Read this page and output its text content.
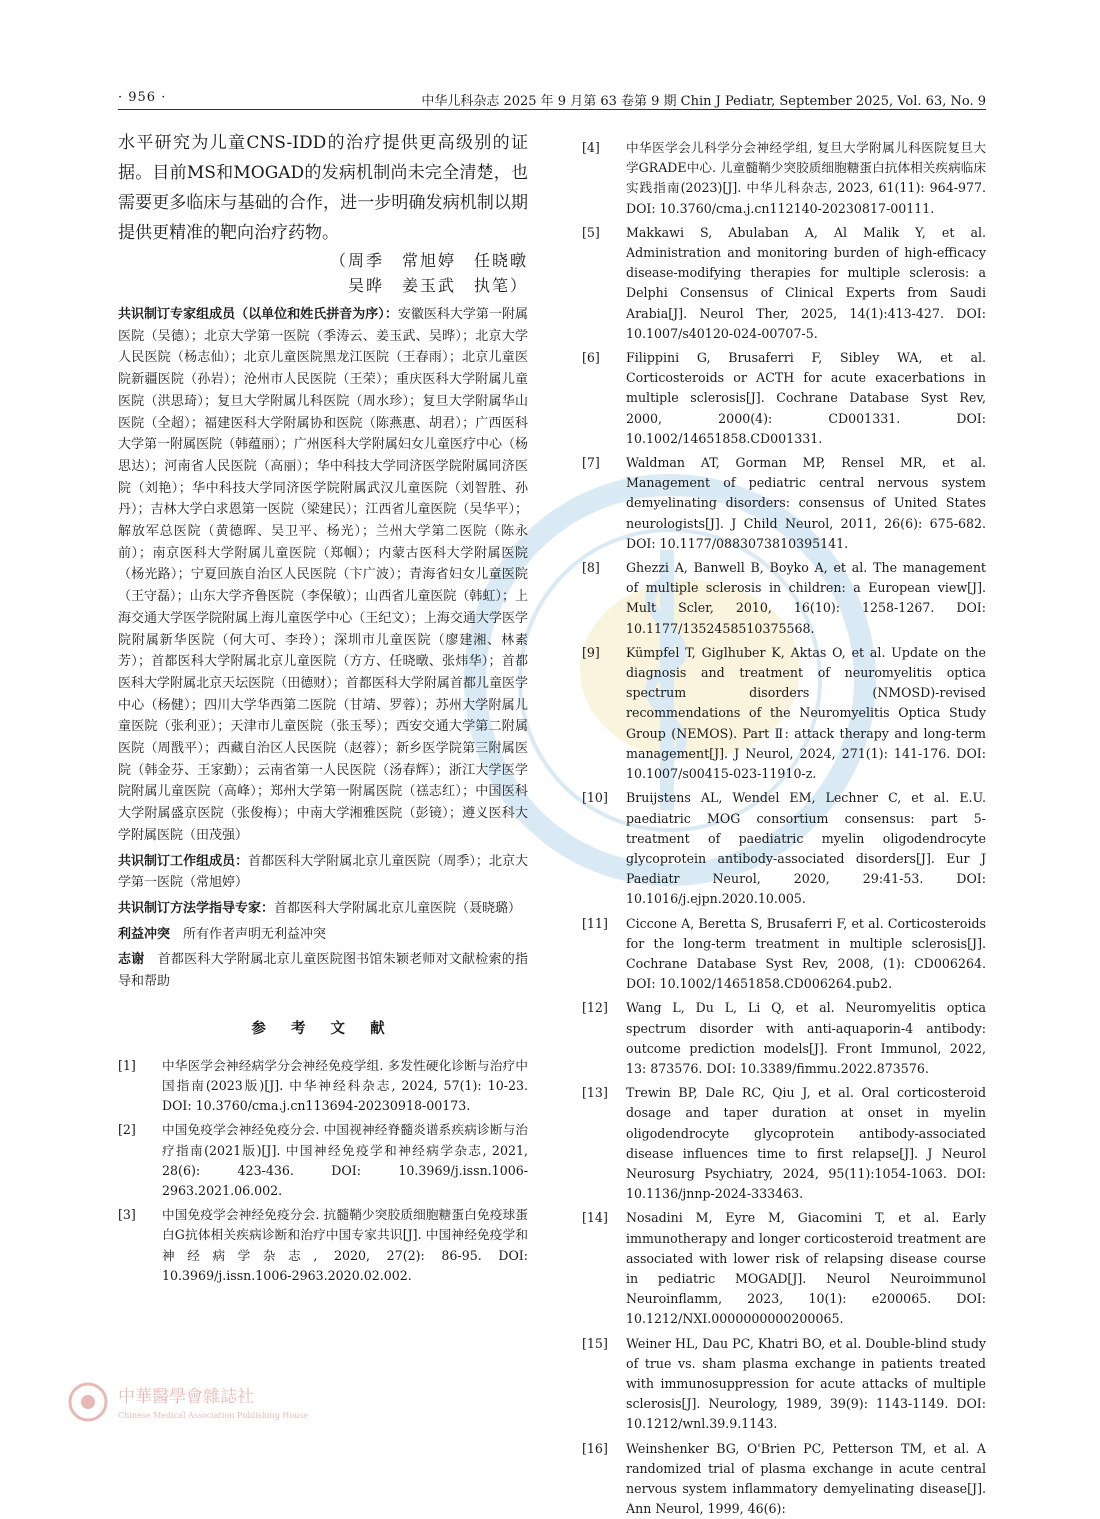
· 956 ·	中华儿科杂志 2025 年 9 月第 63 卷第 9 期 Chin J Pediatr, September 2025, Vol. 63, No. 9

水平研究为儿童CNS-IDD的治疗提供更高级别的证据。目前MS和MOGAD的发病机制尚未完全清楚，也需要更多临床与基础的合作，进一步明确发病机制以期提供更精准的靶向治疗药物。

（周季　常旭婷　任晓暾

吴晔　姜玉武　执笔）

共识制订专家组成员（以单位和姓氏拼音为序）：安徽医科大学第一附属医院（吴德）；北京大学第一医院（季涛云、姜玉武、吴晔）；北京大学人民医院（杨志仙）；北京儿童医院黑龙江医院（王春雨）；北京儿童医院新疆医院（孙岩）；沧州市人民医院（王荣）；重庆医科大学附属儿童医院（洪思琦）；复旦大学附属儿科医院（周水珍）；复旦大学附属华山医院（全超）；福建医科大学附属协和医院（陈燕惠、胡君）；广西医科大学第一附属医院（韩蕴丽）；广州医科大学附属妇女儿童医疗中心（杨思达）；河南省人民医院（高丽）；华中科技大学同济医学院附属同济医院（刘艳）；华中科技大学同济医学院附属武汉儿童医院（刘智胜、孙丹）；吉林大学白求恩第一医院（梁建民）；江西省儿童医院（吴华平）；解放军总医院（黄德晖、吴卫平、杨光）；兰州大学第二医院（陈永前）；南京医科大学附属儿童医院（郑帼）；内蒙古医科大学附属医院（杨光路）；宁夏回族自治区人民医院（卞广波）；青海省妇女儿童医院（王守磊）；山东大学齐鲁医院（李保敏）；山西省儿童医院（韩虹）；上海交通大学医学院附属上海儿童医学中心（王纪文）；上海交通大学医学院附属新华医院（何大可、李玲）；深圳市儿童医院（廖建湘、林素芳）；首都医科大学附属北京儿童医院（方方、任晓暾、张炜华）；首都医科大学附属北京天坛医院（田德财）；首都医科大学附属首都儿童医学中心（杨健）；四川大学华西第二医院（甘靖、罗蓉）；苏州大学附属儿童医院（张利亚）；天津市儿童医院（张玉琴）；西安交通大学第二附属医院（周戬平）；西藏自治区人民医院（赵蓉）；新乡医学院第三附属医院（韩金芬、王家勤）；云南省第一人民医院（汤春辉）；浙江大学医学院附属儿童医院（高峰）；郑州大学第一附属医院（禚志红）；中国医科大学附属盛京医院（张俊梅）；中南大学湘雅医院（彭镜）；遵义医科大学附属医院（田茂强）

共识制订工作组成员：首都医科大学附属北京儿童医院（周季）；北京大学第一医院（常旭婷）

共识制订方法学指导专家：首都医科大学附属北京儿童医院（聂晓璐）

利益冲突　 所有作者声明无利益冲突

志谢　 首都医科大学附属北京儿童医院图书馆朱颖老师对文献检索的指导和帮助

参 考 文 献
[1]	中华医学会神经病学分会神经免疫学组. 多发性硬化诊断与治疗中国指南(2023版)[J]. 中华神经科杂志, 2024, 57(1): 10-23. DOI: 10.3760/cma.j.cn113694-20230918-00173.
[2]	中国免疫学会神经免疫分会. 中国视神经脊髓炎谱系疾病诊断与治疗指南(2021版)[J]. 中国神经免疫学和神经病学杂志, 2021, 28(6): 423-436. DOI: 10.3969/j.issn.1006-2963.2021.06.002.
[3]	中国免疫学会神经免疫分会. 抗髓鞘少突胶质细胞糖蛋白免疫球蛋白G抗体相关疾病诊断和治疗中国专家共识[J]. 中国神经免疫学和神经病学杂志, 2020, 27(2): 86-95. DOI: 10.3969/j.issn.1006-2963.2020.02.002.
[4]	中华医学会儿科学分会神经学组, 复旦大学附属儿科医院复旦大学GRADE中心. 儿童髓鞘少突胶质细胞糖蛋白抗体相关疾病临床实践指南(2023)[J]. 中华儿科杂志, 2023, 61(11): 964-977. DOI: 10.3760/cma.j.cn112140-20230817-00111.
[5]	Makkawi S, Abulaban A, Al Malik Y, et al. Administration and monitoring burden of high-efficacy disease-modifying therapies for multiple sclerosis: a Delphi Consensus of Clinical Experts from Saudi Arabia[J]. Neurol Ther, 2025, 14(1):413-427. DOI: 10.1007/s40120-024-00707-5.
[6]	Filippini G, Brusaferri F, Sibley WA, et al. Corticosteroids or ACTH for acute exacerbations in multiple sclerosis[J]. Cochrane Database Syst Rev, 2000, 2000(4): CD001331. DOI: 10.1002/14651858.CD001331.
[7]	Waldman AT, Gorman MP, Rensel MR, et al. Management of pediatric central nervous system demyelinating disorders: consensus of United States neurologists[J]. J Child Neurol, 2011, 26(6): 675-682. DOI: 10.1177/0883073810395141.
[8]	Ghezzi A, Banwell B, Boyko A, et al. The management of multiple sclerosis in children: a European view[J]. Mult Scler, 2010, 16(10): 1258-1267. DOI: 10.1177/1352458510375568.
[9]	Kümpfel T, Giglhuber K, Aktas O, et al. Update on the diagnosis and treatment of neuromyelitis optica spectrum disorders (NMOSD)-revised recommendations of the Neuromyelitis Optica Study Group (NEMOS). Part Ⅱ: attack therapy and long-term management[J]. J Neurol, 2024, 271(1): 141-176. DOI: 10.1007/s00415-023-11910-z.
[10]	Bruijstens AL, Wendel EM, Lechner C, et al. E.U. paediatric MOG consortium consensus: part 5-treatment of paediatric myelin oligodendrocyte glycoprotein antibody-associated disorders[J]. Eur J Paediatr Neurol, 2020, 29:41-53. DOI: 10.1016/j.ejpn.2020.10.005.
[11]	Ciccone A, Beretta S, Brusaferri F, et al. Corticosteroids for the long-term treatment in multiple sclerosis[J]. Cochrane Database Syst Rev, 2008, (1): CD006264. DOI: 10.1002/14651858.CD006264.pub2.
[12]	Wang L, Du L, Li Q, et al. Neuromyelitis optica spectrum disorder with anti-aquaporin-4 antibody: outcome prediction models[J]. Front Immunol, 2022, 13: 873576. DOI: 10.3389/fimmu.2022.873576.
[13]	Trewin BP, Dale RC, Qiu J, et al. Oral corticosteroid dosage and taper duration at onset in myelin oligodendrocyte glycoprotein antibody-associated disease influences time to first relapse[J]. J Neurol Neurosurg Psychiatry, 2024, 95(11):1054-1063. DOI: 10.1136/jnnp-2024-333463.
[14]	Nosadini M, Eyre M, Giacomini T, et al. Early immunotherapy and longer corticosteroid treatment are associated with lower risk of relapsing disease course in pediatric MOGAD[J]. Neurol Neuroimmunol Neuroinflamm, 2023, 10(1): e200065. DOI: 10.1212/NXI.0000000000200065.
[15]	Weiner HL, Dau PC, Khatri BO, et al. Double-blind study of true vs. sham plasma exchange in patients treated with immunosuppression for acute attacks of multiple sclerosis[J]. Neurology, 1989, 39(9): 1143-1149. DOI: 10.1212/wnl.39.9.1143.
[16]	Weinshenker BG, O'Brien PC, Petterson TM, et al. A randomized trial of plasma exchange in acute central nervous system inflammatory demyelinating disease[J]. Ann Neurol, 1999, 46(6):
中華醫學會雜誌社
Chinese Medical Association Publishing House
